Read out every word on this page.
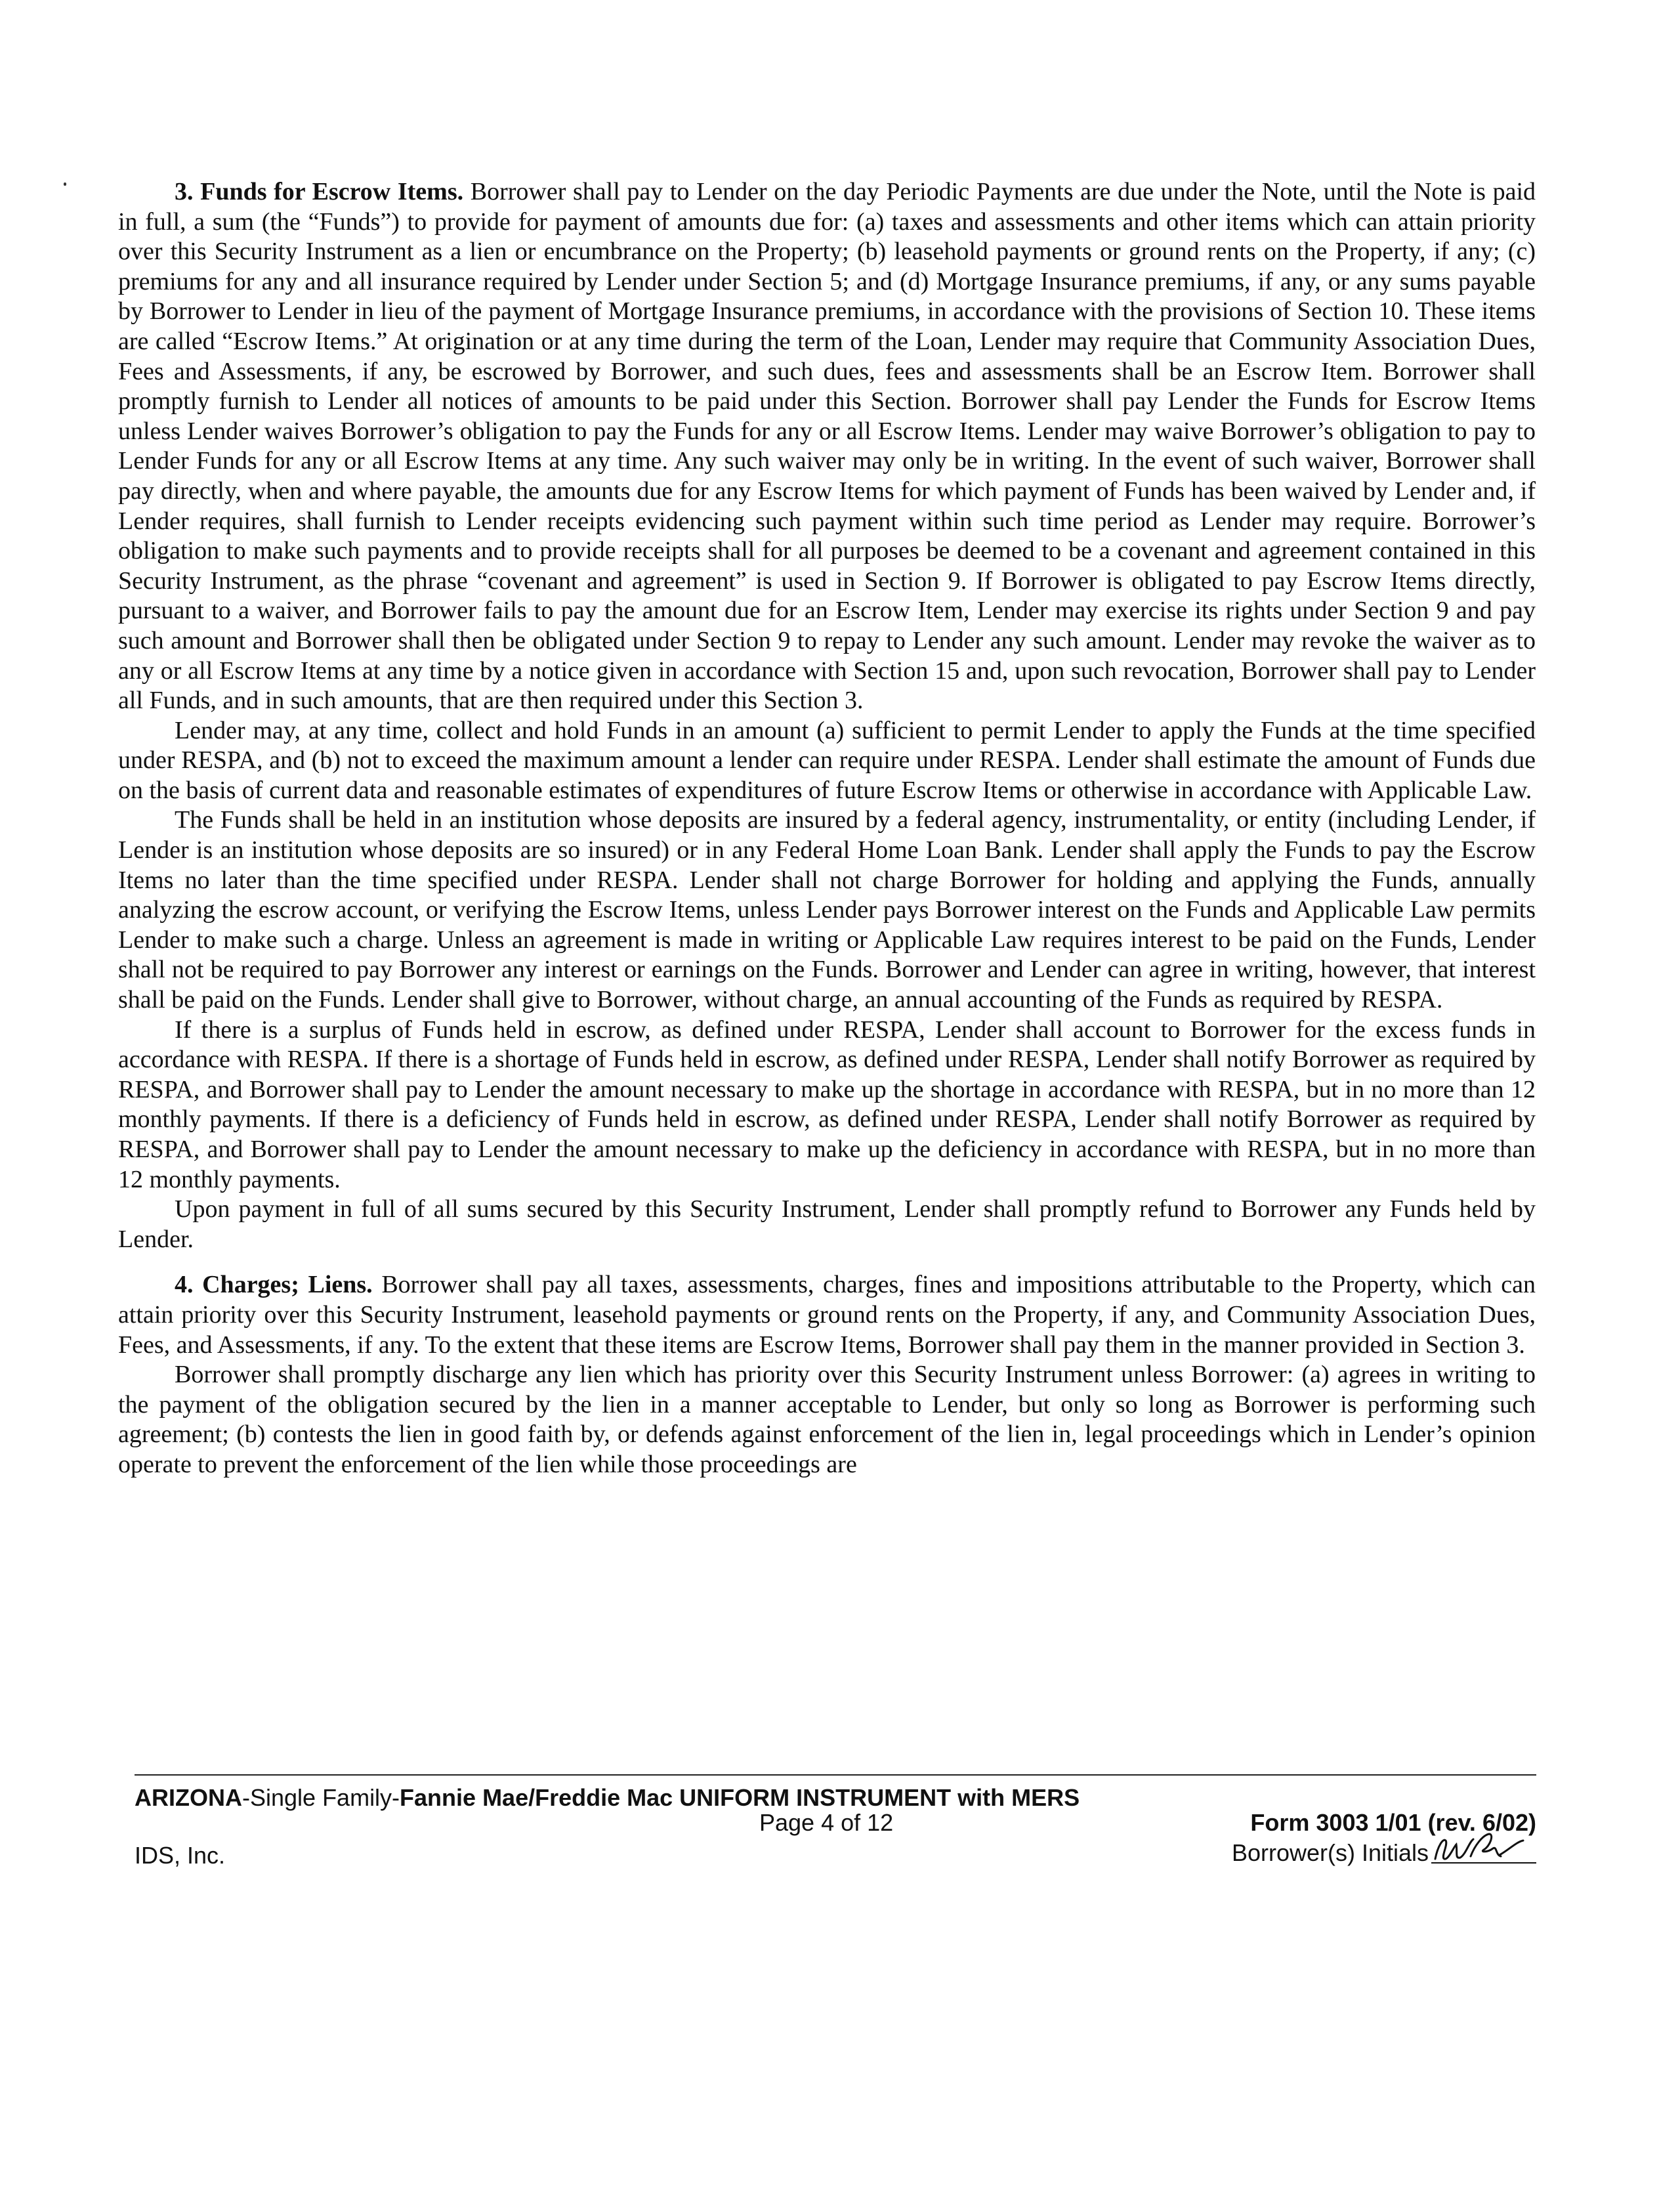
3. Funds for Escrow Items. Borrower shall pay to Lender on the day Periodic Payments are due under the Note, until the Note is paid in full, a sum (the “Funds”) to provide for payment of amounts due for: (a) taxes and assessments and other items which can attain priority over this Security Instrument as a lien or encumbrance on the Property; (b) leasehold payments or ground rents on the Property, if any; (c) premiums for any and all insurance required by Lender under Section 5; and (d) Mortgage Insurance premiums, if any, or any sums payable by Borrower to Lender in lieu of the payment of Mortgage Insurance premiums, in accordance with the provisions of Section 10. These items are called “Escrow Items.” At origination or at any time during the term of the Loan, Lender may require that Community Association Dues, Fees and Assessments, if any, be escrowed by Borrower, and such dues, fees and assessments shall be an Escrow Item. Borrower shall promptly furnish to Lender all notices of amounts to be paid under this Section. Borrower shall pay Lender the Funds for Escrow Items unless Lender waives Borrower’s obligation to pay the Funds for any or all Escrow Items. Lender may waive Borrower’s obligation to pay to Lender Funds for any or all Escrow Items at any time. Any such waiver may only be in writing. In the event of such waiver, Borrower shall pay directly, when and where payable, the amounts due for any Escrow Items for which payment of Funds has been waived by Lender and, if Lender requires, shall furnish to Lender receipts evidencing such payment within such time period as Lender may require. Borrower’s obligation to make such payments and to provide receipts shall for all purposes be deemed to be a covenant and agreement contained in this Security Instrument, as the phrase “covenant and agreement” is used in Section 9. If Borrower is obligated to pay Escrow Items directly, pursuant to a waiver, and Borrower fails to pay the amount due for an Escrow Item, Lender may exercise its rights under Section 9 and pay such amount and Borrower shall then be obligated under Section 9 to repay to Lender any such amount. Lender may revoke the waiver as to any or all Escrow Items at any time by a notice given in accordance with Section 15 and, upon such revocation, Borrower shall pay to Lender all Funds, and in such amounts, that are then required under this Section 3.

Lender may, at any time, collect and hold Funds in an amount (a) sufficient to permit Lender to apply the Funds at the time specified under RESPA, and (b) not to exceed the maximum amount a lender can require under RESPA. Lender shall estimate the amount of Funds due on the basis of current data and reasonable estimates of expenditures of future Escrow Items or otherwise in accordance with Applicable Law.

The Funds shall be held in an institution whose deposits are insured by a federal agency, instrumentality, or entity (including Lender, if Lender is an institution whose deposits are so insured) or in any Federal Home Loan Bank. Lender shall apply the Funds to pay the Escrow Items no later than the time specified under RESPA. Lender shall not charge Borrower for holding and applying the Funds, annually analyzing the escrow account, or verifying the Escrow Items, unless Lender pays Borrower interest on the Funds and Applicable Law permits Lender to make such a charge. Unless an agreement is made in writing or Applicable Law requires interest to be paid on the Funds, Lender shall not be required to pay Borrower any interest or earnings on the Funds. Borrower and Lender can agree in writing, however, that interest shall be paid on the Funds. Lender shall give to Borrower, without charge, an annual accounting of the Funds as required by RESPA.

If there is a surplus of Funds held in escrow, as defined under RESPA, Lender shall account to Borrower for the excess funds in accordance with RESPA. If there is a shortage of Funds held in escrow, as defined under RESPA, Lender shall notify Borrower as required by RESPA, and Borrower shall pay to Lender the amount necessary to make up the shortage in accordance with RESPA, but in no more than 12 monthly payments. If there is a deficiency of Funds held in escrow, as defined under RESPA, Lender shall notify Borrower as required by RESPA, and Borrower shall pay to Lender the amount necessary to make up the deficiency in accordance with RESPA, but in no more than 12 monthly payments.

Upon payment in full of all sums secured by this Security Instrument, Lender shall promptly refund to Borrower any Funds held by Lender.

4. Charges; Liens. Borrower shall pay all taxes, assessments, charges, fines and impositions attributable to the Property, which can attain priority over this Security Instrument, leasehold payments or ground rents on the Property, if any, and Community Association Dues, Fees, and Assessments, if any. To the extent that these items are Escrow Items, Borrower shall pay them in the manner provided in Section 3.

Borrower shall promptly discharge any lien which has priority over this Security Instrument unless Borrower: (a) agrees in writing to the payment of the obligation secured by the lien in a manner acceptable to Lender, but only so long as Borrower is performing such agreement; (b) contests the lien in good faith by, or defends against enforcement of the lien in, legal proceedings which in Lender’s opinion operate to prevent the enforcement of the lien while those proceedings are

ARIZONA-Single Family-Fannie Mae/Freddie Mac UNIFORM INSTRUMENT with MERS
Page 4 of 12	Form 3003 1/01 (rev. 6/02)
IDS, Inc.	Borrower(s) Initials
